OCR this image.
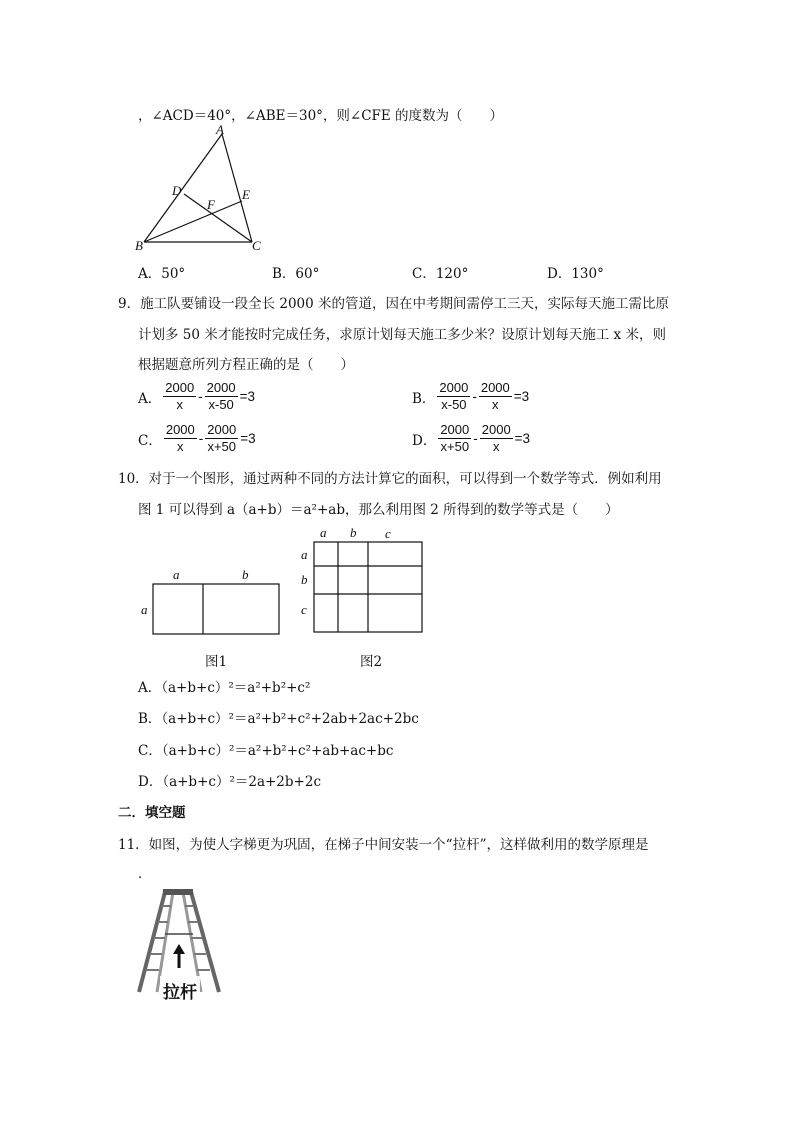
，∠ACD＝40°，∠ABE＝30°，则∠CFE 的度数为（　　）
A
D	E
F
B	C
A．50°	B．60°	C．120°	D．130°
9．施工队要铺设一段全长 2000 米的管道，因在中考期间需停工三天，实际每天施工需比原
计划多 50 米才能按时完成任务，求原计划每天施工多少米？设原计划每天施工 x 米，则
根据题意所列方程正确的是（　　）
A． $\frac{2000}{x} - \frac{2000}{x-50} =3$	B． $\frac{2000}{x-50} - \frac{2000}{x} =3$
C． $\frac{2000}{x} - \frac{2000}{x+50} =3$	D． $\frac{2000}{x+50} - \frac{2000}{x} =3$
10．对于一个图形，通过两种不同的方法计算它的面积，可以得到一个数学等式．例如利用
图 1 可以得到 a（a+b）＝a²+ab，那么利用图 2 所得到的数学等式是（　　）
a	b
a
a b c
a
b
c
图1	图2
A．（a+b+c）²＝a²+b²+c²
B．（a+b+c）²＝a²+b²+c²+2ab+2ac+2bc
C．（a+b+c）²＝a²+b²+c²+ab+ac+bc
D．（a+b+c）²＝2a+2b+2c
二．填空题
11．如图，为使人字梯更为巩固，在梯子中间安装一个“拉杆”，这样做利用的数学原理是
．
拉杆
